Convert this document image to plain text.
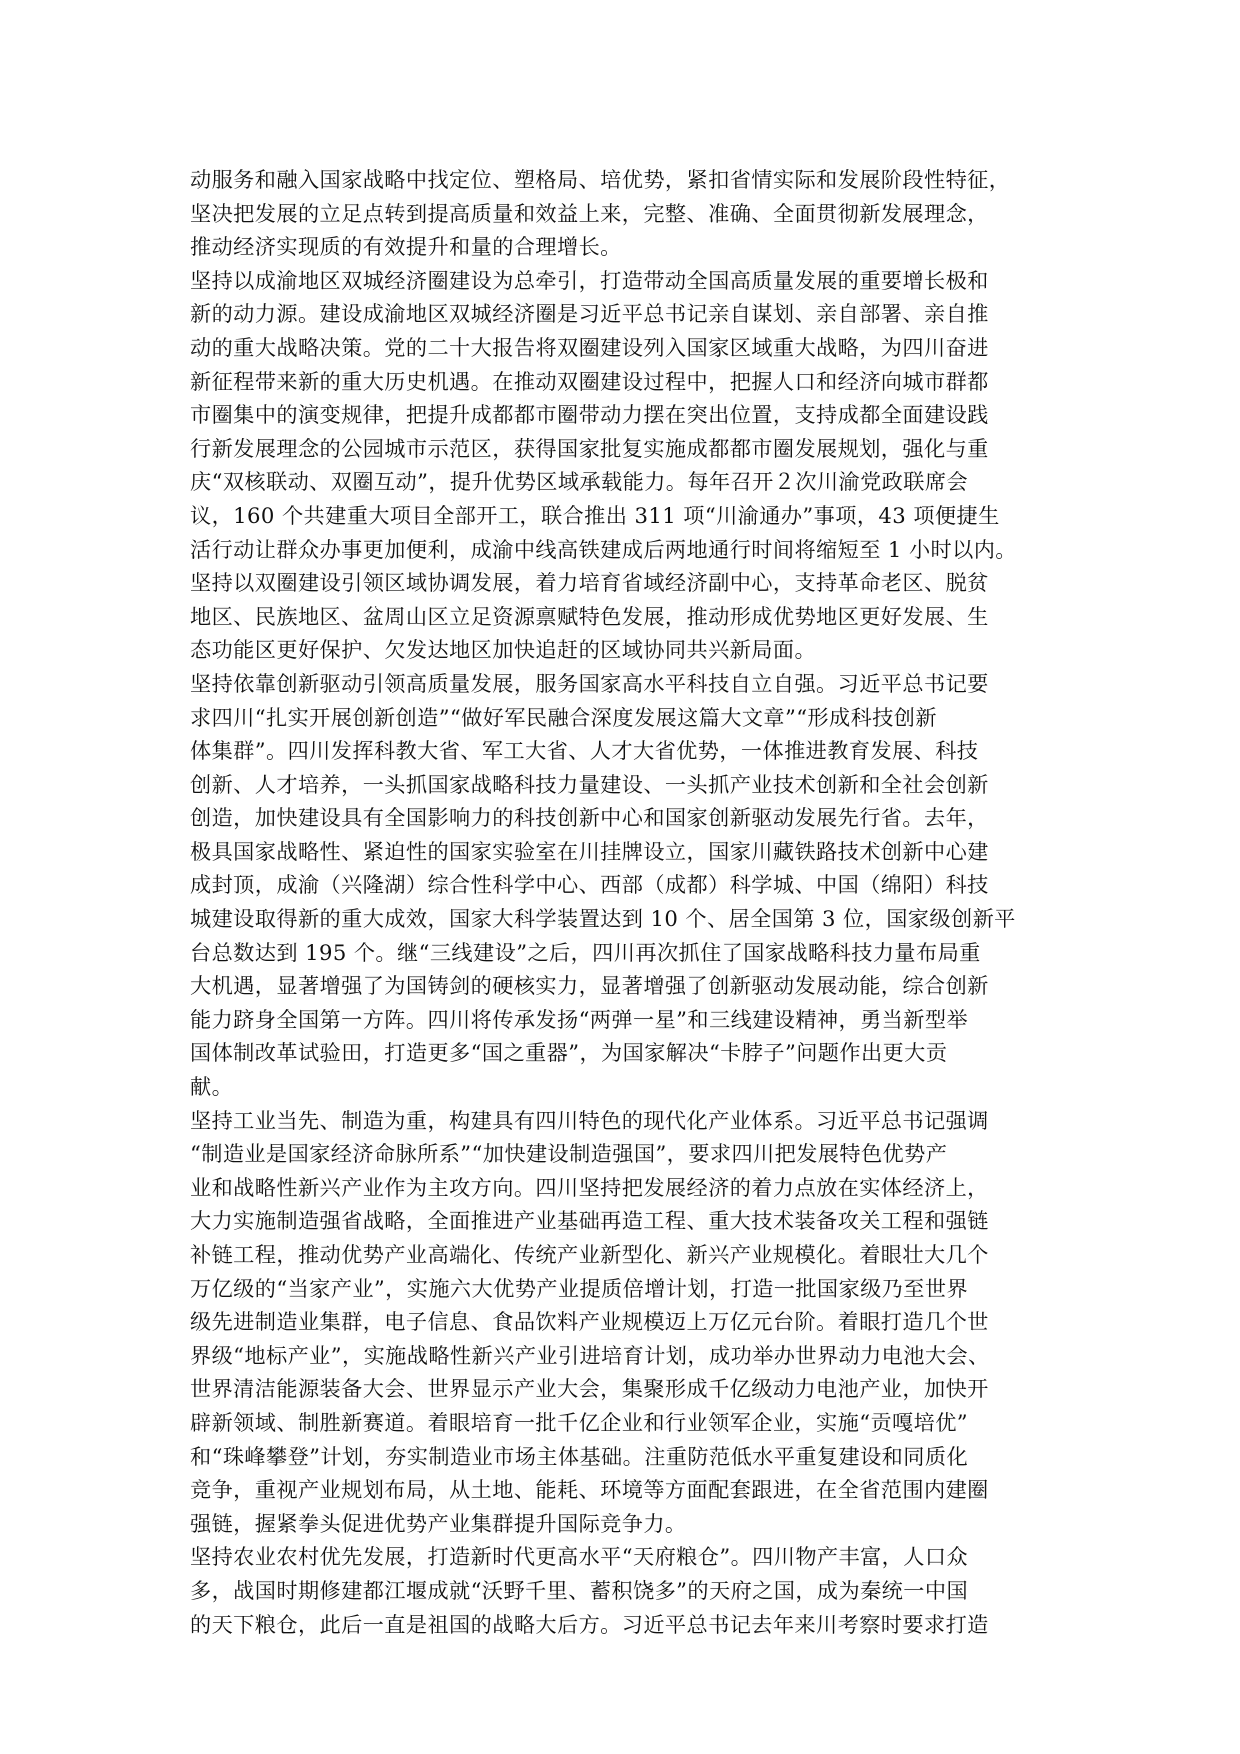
动服务和融入国家战略中找定位、塑格局、培优势，紧扣省情实际和发展阶段性特征，
坚决把发展的立足点转到提高质量和效益上来，完整、准确、全面贯彻新发展理念，
推动经济实现质的有效提升和量的合理增长。
坚持以成渝地区双城经济圈建设为总牵引，打造带动全国高质量发展的重要增长极和
新的动力源。建设成渝地区双城经济圈是习近平总书记亲自谋划、亲自部署、亲自推
动的重大战略决策。党的二十大报告将双圈建设列入国家区域重大战略，为四川奋进
新征程带来新的重大历史机遇。在推动双圈建设过程中，把握人口和经济向城市群都
市圈集中的演变规律，把提升成都都市圈带动力摆在突出位置，支持成都全面建设践
行新发展理念的公园城市示范区，获得国家批复实施成都都市圈发展规划，强化与重
庆“双核联动、双圈互动”，提升优势区域承载能力。每年召开２次川渝党政联席会
议，160 个共建重大项目全部开工，联合推出 311 项“川渝通办”事项，43 项便捷生
活行动让群众办事更加便利，成渝中线高铁建成后两地通行时间将缩短至 1 小时以内。
坚持以双圈建设引领区域协调发展，着力培育省域经济副中心，支持革命老区、脱贫
地区、民族地区、盆周山区立足资源禀赋特色发展，推动形成优势地区更好发展、生
态功能区更好保护、欠发达地区加快追赶的区域协同共兴新局面。
坚持依靠创新驱动引领高质量发展，服务国家高水平科技自立自强。习近平总书记要
求四川“扎实开展创新创造”“做好军民融合深度发展这篇大文章”“形成科技创新
体集群”。四川发挥科教大省、军工大省、人才大省优势，一体推进教育发展、科技
创新、人才培养，一头抓国家战略科技力量建设、一头抓产业技术创新和全社会创新
创造，加快建设具有全国影响力的科技创新中心和国家创新驱动发展先行省。去年，
极具国家战略性、紧迫性的国家实验室在川挂牌设立，国家川藏铁路技术创新中心建
成封顶，成渝（兴隆湖）综合性科学中心、西部（成都）科学城、中国（绵阳）科技
城建设取得新的重大成效，国家大科学装置达到 10 个、居全国第 3 位，国家级创新平
台总数达到 195 个。继“三线建设”之后，四川再次抓住了国家战略科技力量布局重
大机遇，显著增强了为国铸剑的硬核实力，显著增强了创新驱动发展动能，综合创新
能力跻身全国第一方阵。四川将传承发扬“两弹一星”和三线建设精神，勇当新型举
国体制改革试验田，打造更多“国之重器”，为国家解决“卡脖子”问题作出更大贡
献。
坚持工业当先、制造为重，构建具有四川特色的现代化产业体系。习近平总书记强调
“制造业是国家经济命脉所系”“加快建设制造强国”，要求四川把发展特色优势产
业和战略性新兴产业作为主攻方向。四川坚持把发展经济的着力点放在实体经济上，
大力实施制造强省战略，全面推进产业基础再造工程、重大技术装备攻关工程和强链
补链工程，推动优势产业高端化、传统产业新型化、新兴产业规模化。着眼壮大几个
万亿级的“当家产业”，实施六大优势产业提质倍增计划，打造一批国家级乃至世界
级先进制造业集群，电子信息、食品饮料产业规模迈上万亿元台阶。着眼打造几个世
界级“地标产业”，实施战略性新兴产业引进培育计划，成功举办世界动力电池大会、
世界清洁能源装备大会、世界显示产业大会，集聚形成千亿级动力电池产业，加快开
辟新领域、制胜新赛道。着眼培育一批千亿企业和行业领军企业，实施“贡嘎培优”
和“珠峰攀登”计划，夯实制造业市场主体基础。注重防范低水平重复建设和同质化
竞争，重视产业规划布局，从土地、能耗、环境等方面配套跟进，在全省范围内建圈
强链，握紧拳头促进优势产业集群提升国际竞争力。
坚持农业农村优先发展，打造新时代更高水平“天府粮仓”。四川物产丰富，人口众
多，战国时期修建都江堰成就“沃野千里、蓄积饶多”的天府之国，成为秦统一中国
的天下粮仓，此后一直是祖国的战略大后方。习近平总书记去年来川考察时要求打造
